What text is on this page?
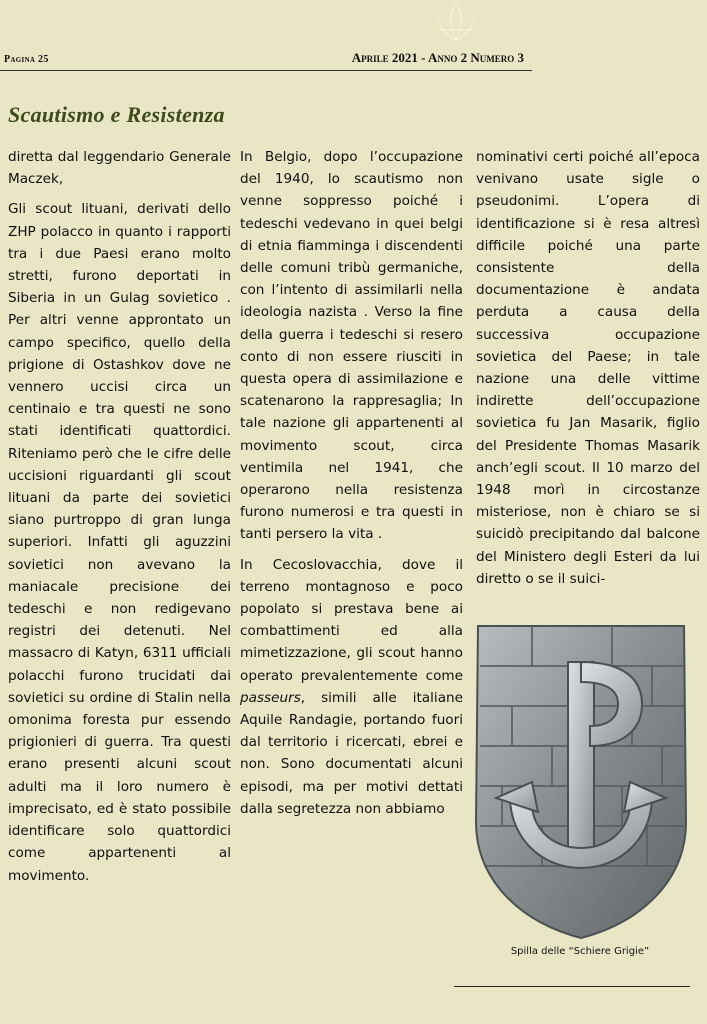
Pagina 25	Aprile 2021 - Anno 2 Numero 3
Scautismo e Resistenza

diretta dal leggendario Generale Maczek,

Gli scout lituani, derivati dello ZHP polacco in quanto i rapporti tra i due Paesi erano molto stretti, furono deportati in Siberia in un Gulag sovietico . Per altri venne approntato un campo specifico, quello della prigione di Ostashkov dove ne vennero uccisi circa un centinaio e tra questi ne sono stati identificati quattordici. Riteniamo però che le cifre delle uccisioni riguardanti gli scout lituani da parte dei sovietici siano purtroppo di gran lunga superiori. Infatti gli aguzzini sovietici non avevano la maniacale precisione dei tedeschi e non redigevano registri dei detenuti. Nel massacro di Katyn, 6311 ufficiali polacchi furono trucidati dai sovietici su ordine di Stalin nella omonima foresta pur essendo prigionieri di guerra. Tra questi erano presenti alcuni scout adulti ma il loro numero è imprecisato, ed è stato possibile identificare solo quattordici come appartenenti al movimento.

In Belgio, dopo l’occupazione del 1940, lo scautismo non venne soppresso poiché i tedeschi vedevano in quei belgi di etnia fiamminga i discendenti delle comuni tribù germaniche, con l’intento di assimilarli nella ideologia nazista . Verso la fine della guerra i tedeschi si resero conto di non essere riusciti in questa opera di assimilazione e scatenarono la rappresaglia; In tale nazione gli appartenenti al movimento scout, circa ventimila nel 1941, che operarono nella resistenza furono numerosi e tra questi in tanti persero la vita .

In Cecoslovacchia, dove il terreno montagnoso e poco popolato si prestava bene ai combattimenti ed alla mimetizzazione, gli scout hanno operato prevalentemente come passeurs, simili alle italiane Aquile Randagie, portando fuori dal territorio i ricercati, ebrei e non. Sono documentati alcuni episodi, ma per motivi dettati dalla segretezza non abbiamo

nominativi certi poiché all’epoca venivano usate sigle o pseudonimi. L’opera di identificazione si è resa altresì difficile poiché una parte consistente della documentazione è andata perduta a causa della successiva occupazione sovietica del Paese; in tale nazione una delle vittime indirette dell’occupazione sovietica fu Jan Masarik, figlio del Presidente Thomas Masarik anch’egli scout. Il 10 marzo del 1948 morì in circostanze misteriose, non è chiaro se si suicidò precipitando dal balcone del Ministero degli Esteri da lui diretto o se il suici-

Spilla delle “Schiere Grigie”
